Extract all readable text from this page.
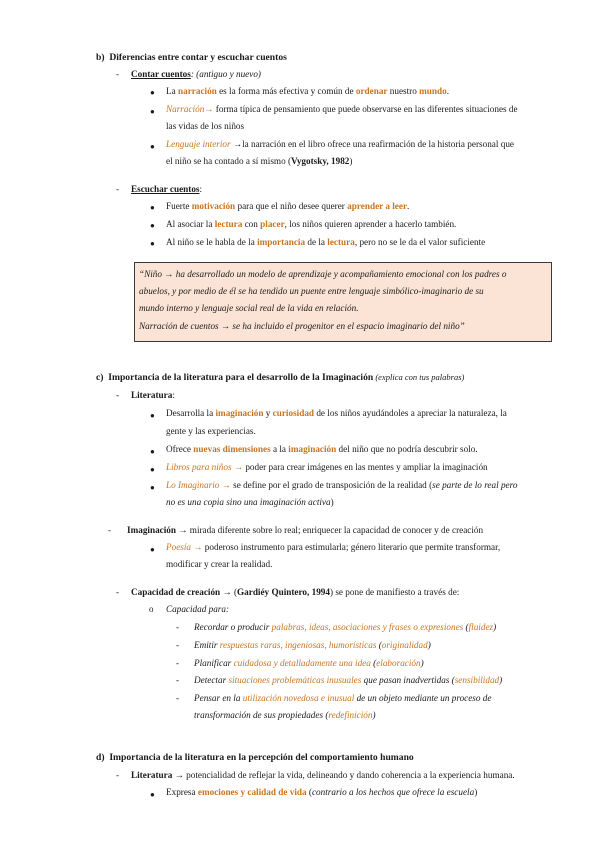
b)  Diferencias entre contar y escuchar cuentos
- Contar cuentos: (antiguo y nuevo)
● La narración es la forma más efectiva y común de ordenar nuestro mundo.
● Narración→ forma típica de pensamiento que puede observarse en las diferentes situaciones de
las vidas de los niños
● Lenguaje interior →la narración en el libro ofrece una reafirmación de la historia personal que
el niño se ha contado a sí mismo (Vygotsky, 1982)
- Escuchar cuentos:
● Fuerte motivación para que el niño desee querer aprender a leer.
● Al asociar la lectura con placer, los niños quieren aprender a hacerlo también.
● Al niño se le habla de la importancia de la lectura, pero no se le da el valor suficiente

“Niño → ha desarrollado un modelo de aprendizaje y acompañamiento emocional con los padres o

abuelos, y por medio de él se ha tendido un puente entre lenguaje simbólico-imaginario de su

mundo interno y lenguaje social real de la vida en relación.

Narración de cuentos → se ha incluido el progenitor en el espacio imaginario del niño”

c)  Importancia de la literatura para el desarrollo de la Imaginación (explica con tus palabras)
- Literatura:
● Desarrolla la imaginación y curiosidad de los niños ayudándoles a apreciar la naturaleza, la
gente y las experiencias.
● Ofrece nuevas dimensiones a la imaginación del niño que no podría descubrir solo.
● Libros para niños → poder para crear imágenes en las mentes y ampliar la imaginación
● Lo Imaginario → se define por el grado de transposición de la realidad (se parte de lo real pero
no es una copia sino una imaginación activa)
- Imaginación → mirada diferente sobre lo real; enriquecer la capacidad de conocer y de creación
● Poesía → poderoso instrumento para estimularla; género literario que permite transformar,
modificar y crear la realidad.
- Capacidad de creación → (Gardiéy Quintero, 1994) se pone de manifiesto a través de:
o Capacidad para:
- Recordar o producir palabras, ideas, asociaciones y frases o expresiones (fluidez)
- Emitir respuestas raras, ingeniosas, humorísticas (originalidad)
- Planificar cuidadosa y detalladamente una idea (elaboración)
- Detectar situaciones problemáticas inusuales que pasan inadvertidas (sensibilidad)
- Pensar en la utilización novedosa e inusual de un objeto mediante un proceso de
transformación de sus propiedades (redefinición)
d)  Importancia de la literatura en la percepción del comportamiento humano
- Literatura → potencialidad de reflejar la vida, delineando y dando coherencia a la experiencia humana.
● Expresa emociones y calidad de vida (contrario a los hechos que ofrece la escuela)
